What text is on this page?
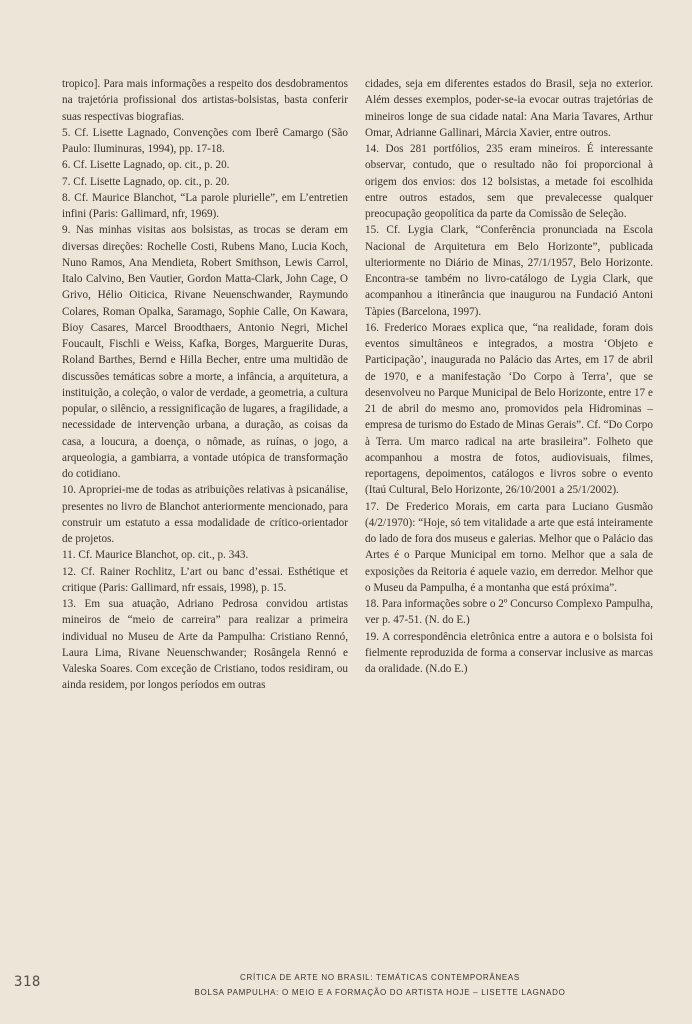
tropico]. Para mais informações a respeito dos desdobramentos na trajetória profissional dos artistas-bolsistas, basta conferir suas respectivas biografias.

5. Cf. Lisette Lagnado, Convenções com Iberê Camargo (São Paulo: Iluminuras, 1994), pp. 17-18.

6. Cf. Lisette Lagnado, op. cit., p. 20.

7. Cf. Lisette Lagnado, op. cit., p. 20.

8. Cf. Maurice Blanchot, “La parole plurielle”, em L’entretien infini (Paris: Gallimard, nfr, 1969).

9. Nas minhas visitas aos bolsistas, as trocas se deram em diversas direções: Rochelle Costi, Rubens Mano, Lucia Koch, Nuno Ramos, Ana Mendieta, Robert Smithson, Lewis Carrol, Italo Calvino, Ben Vautier, Gordon Matta-Clark, John Cage, O Grivo, Hélio Oiticica, Rivane Neuenschwander, Raymundo Colares, Roman Opalka, Saramago, Sophie Calle, On Kawara, Bioy Casares, Marcel Broodthaers, Antonio Negri, Michel Foucault, Fischli e Weiss, Kafka, Borges, Marguerite Duras, Roland Barthes, Bernd e Hilla Becher, entre uma multidão de discussões temáticas sobre a morte, a infância, a arquitetura, a instituição, a coleção, o valor de verdade, a geometria, a cultura popular, o silêncio, a ressignificação de lugares, a fragilidade, a necessidade de intervenção urbana, a duração, as coisas da casa, a loucura, a doença, o nômade, as ruínas, o jogo, a arqueologia, a gambiarra, a vontade utópica de transformação do cotidiano.

10. Apropriei-me de todas as atribuições relativas à psicanálise, presentes no livro de Blanchot anteriormente mencionado, para construir um estatuto a essa modalidade de crítico-orientador de projetos.

11. Cf. Maurice Blanchot, op. cit., p. 343.

12. Cf. Rainer Rochlitz, L’art ou banc d’essai. Esthétique et critique (Paris: Gallimard, nfr essais, 1998), p. 15.

13. Em sua atuação, Adriano Pedrosa convidou artistas mineiros de “meio de carreira” para realizar a primeira individual no Museu de Arte da Pampulha: Cristiano Rennó, Laura Lima, Rivane Neuenschwander; Rosângela Rennó e Valeska Soares. Com exceção de Cristiano, todos residiram, ou ainda residem, por longos períodos em outras

cidades, seja em diferentes estados do Brasil, seja no exterior. Além desses exemplos, poder-se-ia evocar outras trajetórias de mineiros longe de sua cidade natal: Ana Maria Tavares, Arthur Omar, Adrianne Gallinari, Márcia Xavier, entre outros.

14. Dos 281 portfólios, 235 eram mineiros. É interessante observar, contudo, que o resultado não foi proporcional à origem dos envios: dos 12 bolsistas, a metade foi escolhida entre outros estados, sem que prevalecesse qualquer preocupação geopolítica da parte da Comissão de Seleção.

15. Cf. Lygia Clark, “Conferência pronunciada na Escola Nacional de Arquitetura em Belo Horizonte”, publicada ulteriormente no Diário de Minas, 27/1/1957, Belo Horizonte. Encontra-se também no livro-catálogo de Lygia Clark, que acompanhou a itinerância que inaugurou na Fundació Antoni Tàpies (Barcelona, 1997).

16. Frederico Moraes explica que, “na realidade, foram dois eventos simultâneos e integrados, a mostra ‘Objeto e Participação’, inaugurada no Palácio das Artes, em 17 de abril de 1970, e a manifestação ‘Do Corpo à Terra’, que se desenvolveu no Parque Municipal de Belo Horizonte, entre 17 e 21 de abril do mesmo ano, promovidos pela Hidrominas – empresa de turismo do Estado de Minas Gerais”. Cf. “Do Corpo à Terra. Um marco radical na arte brasileira”. Folheto que acompanhou a mostra de fotos, audiovisuais, filmes, reportagens, depoimentos, catálogos e livros sobre o evento (Itaú Cultural, Belo Horizonte, 26/10/2001 a 25/1/2002).

17. De Frederico Morais, em carta para Luciano Gusmão (4/2/1970): “Hoje, só tem vitalidade a arte que está inteiramente do lado de fora dos museus e galerias. Melhor que o Palácio das Artes é o Parque Municipal em torno. Melhor que a sala de exposições da Reitoria é aquele vazio, em derredor. Melhor que o Museu da Pampulha, é a montanha que está próxima”.

18. Para informações sobre o 2º Concurso Complexo Pampulha, ver p. 47-51. (N. do E.)

19. A correspondência eletrônica entre a autora e o bolsista foi fielmente reproduzida de forma a conservar inclusive as marcas da oralidade. (N.do E.)

318	CRÍTICA DE ARTE NO BRASIL: TEMÁTICAS CONTEMPORÂNEAS
BOLSA PAMPULHA: O MEIO E A FORMAÇÃO DO ARTISTA HOJE – LISETTE LAGNADO
